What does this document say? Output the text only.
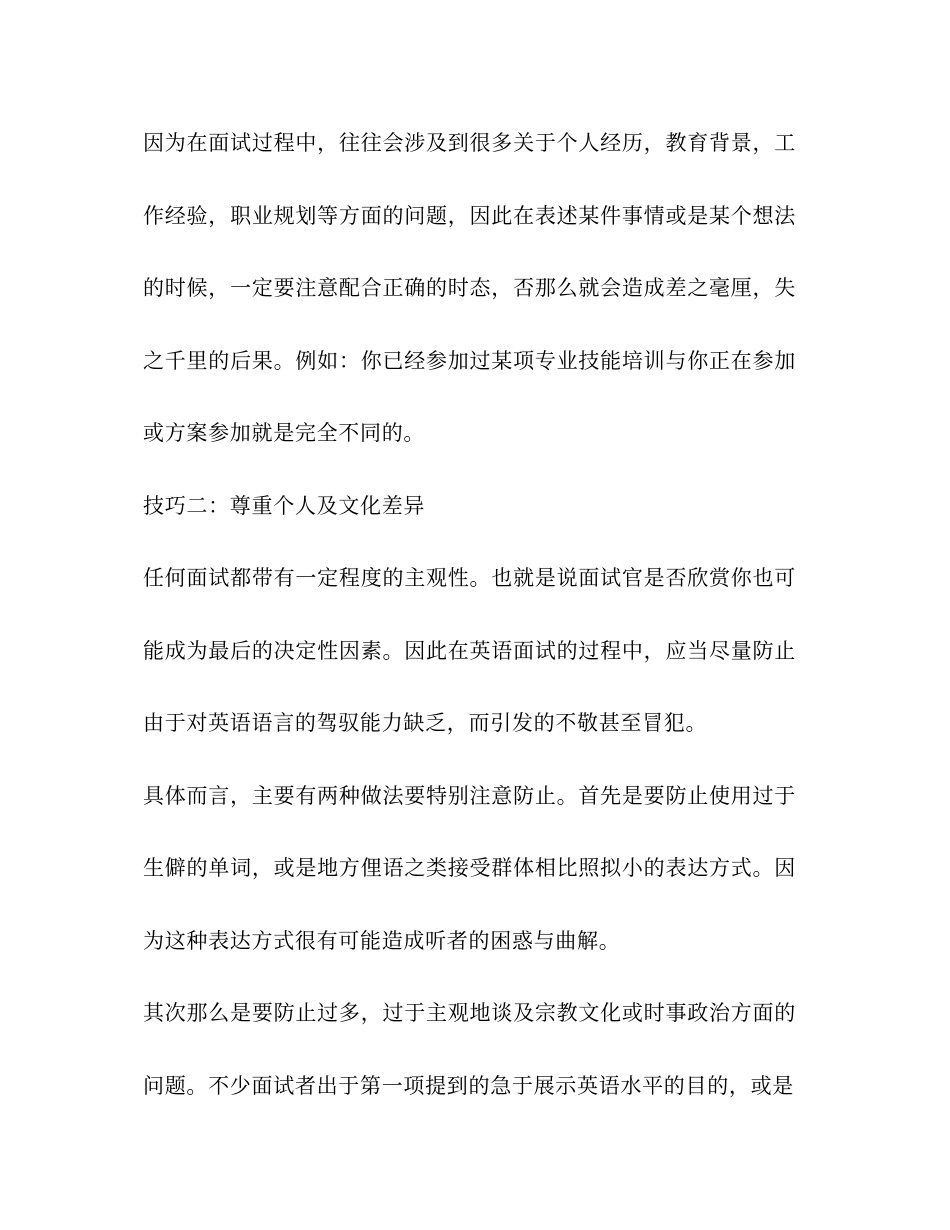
因为在面试过程中，往往会涉及到很多关于个人经历，教育背景，工作经验，职业规划等方面的问题，因此在表述某件事情或是某个想法的时候，一定要注意配合正确的时态，否那么就会造成差之毫厘，失之千里的后果。例如：你已经参加过某项专业技能培训与你正在参加或方案参加就是完全不同的。

技巧二：尊重个人及文化差异

任何面试都带有一定程度的主观性。也就是说面试官是否欣赏你也可能成为最后的决定性因素。因此在英语面试的过程中，应当尽量防止由于对英语语言的驾驭能力缺乏，而引发的不敬甚至冒犯。

具体而言，主要有两种做法要特别注意防止。首先是要防止使用过于生僻的单词，或是地方俚语之类接受群体相比照拟小的表达方式。因为这种表达方式很有可能造成听者的困惑与曲解。

其次那么是要防止过多，过于主观地谈及宗教文化或时事政治方面的问题。不少面试者出于第一项提到的急于展示英语水平的目的，或是
